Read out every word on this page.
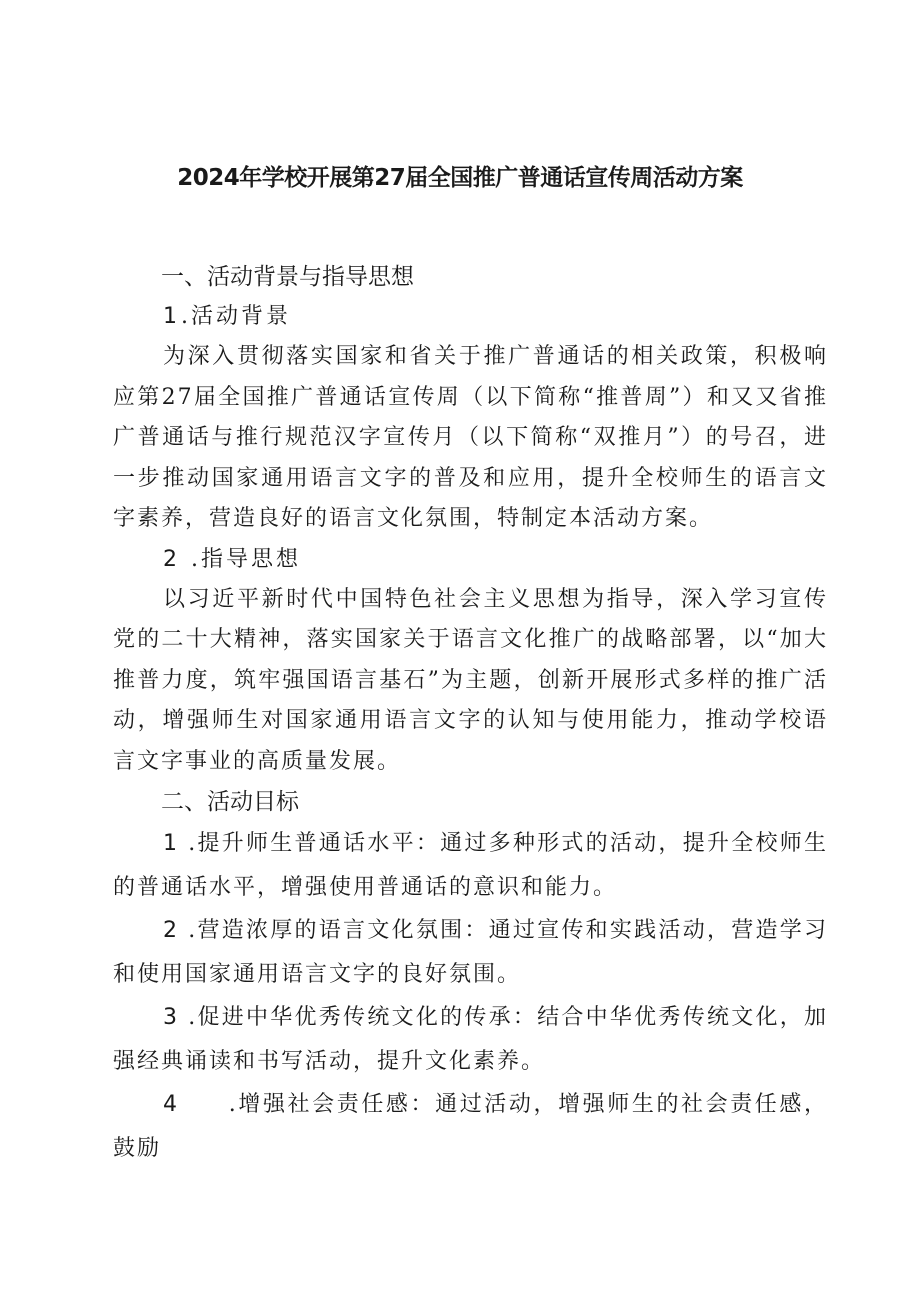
2024年学校开展第27届全国推广普通话宣传周活动方案
一、活动背景与指导思想
1.活动背景

为深入贯彻落实国家和省关于推广普通话的相关政策，积极响应第27届全国推广普通话宣传周（以下简称“推普周”）和又又省推广普通话与推行规范汉字宣传月（以下简称“双推月”）的号召，进一步推动国家通用语言文字的普及和应用，提升全校师生的语言文字素养，营造良好的语言文化氛围，特制定本活动方案。

2 .指导思想

以习近平新时代中国特色社会主义思想为指导，深入学习宣传党的二十大精神，落实国家关于语言文化推广的战略部署，以“加大推普力度，筑牢强国语言基石”为主题，创新开展形式多样的推广活动，增强师生对国家通用语言文字的认知与使用能力，推动学校语言文字事业的高质量发展。

二、活动目标

1 .提升师生普通话水平：通过多种形式的活动，提升全校师生的普通话水平，增强使用普通话的意识和能力。

2 .营造浓厚的语言文化氛围：通过宣传和实践活动，营造学习和使用国家通用语言文字的良好氛围。

3 .促进中华优秀传统文化的传承：结合中华优秀传统文化，加强经典诵读和书写活动，提升文化素养。

4　　.增强社会责任感：通过活动，增强师生的社会责任感，鼓励
